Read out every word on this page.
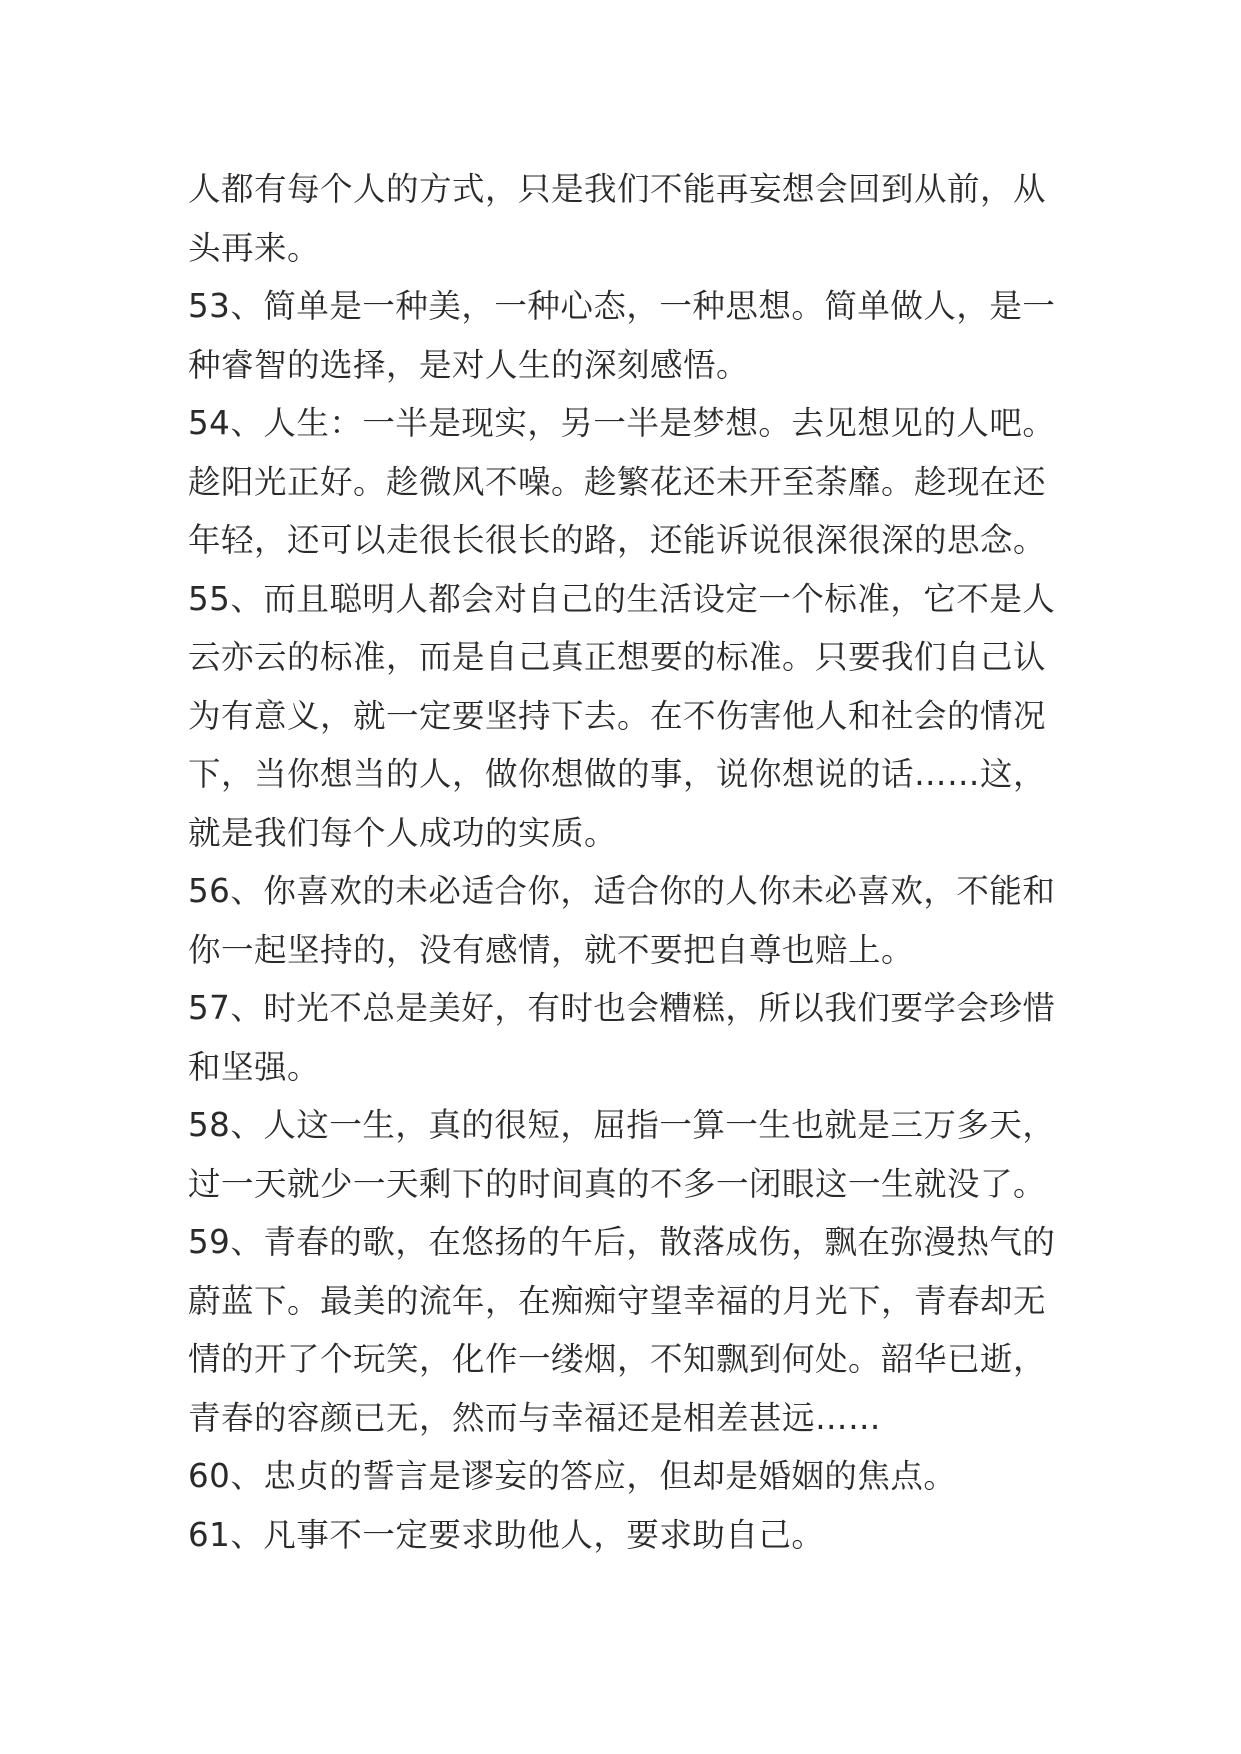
人都有每个人的方式，只是我们不能再妄想会回到从前，从
头再来。
53、简单是一种美，一种心态，一种思想。简单做人，是一
种睿智的选择，是对人生的深刻感悟。
54、人生：一半是现实，另一半是梦想。去见想见的人吧。
趁阳光正好。趁微风不噪。趁繁花还未开至荼靡。趁现在还
年轻，还可以走很长很长的路，还能诉说很深很深的思念。
55、而且聪明人都会对自己的生活设定一个标准，它不是人
云亦云的标准，而是自己真正想要的标准。只要我们自己认
为有意义，就一定要坚持下去。在不伤害他人和社会的情况
下，当你想当的人，做你想做的事，说你想说的话……这，
就是我们每个人成功的实质。
56、你喜欢的未必适合你，适合你的人你未必喜欢，不能和
你一起坚持的，没有感情，就不要把自尊也赔上。
57、时光不总是美好，有时也会糟糕，所以我们要学会珍惜
和坚强。
58、人这一生，真的很短，屈指一算一生也就是三万多天，
过一天就少一天剩下的时间真的不多一闭眼这一生就没了。
59、青春的歌，在悠扬的午后，散落成伤，飘在弥漫热气的
蔚蓝下。最美的流年，在痴痴守望幸福的月光下，青春却无
情的开了个玩笑，化作一缕烟，不知飘到何处。韶华已逝，
青春的容颜已无，然而与幸福还是相差甚远……
60、忠贞的誓言是谬妄的答应，但却是婚姻的焦点。
61、凡事不一定要求助他人，要求助自己。
